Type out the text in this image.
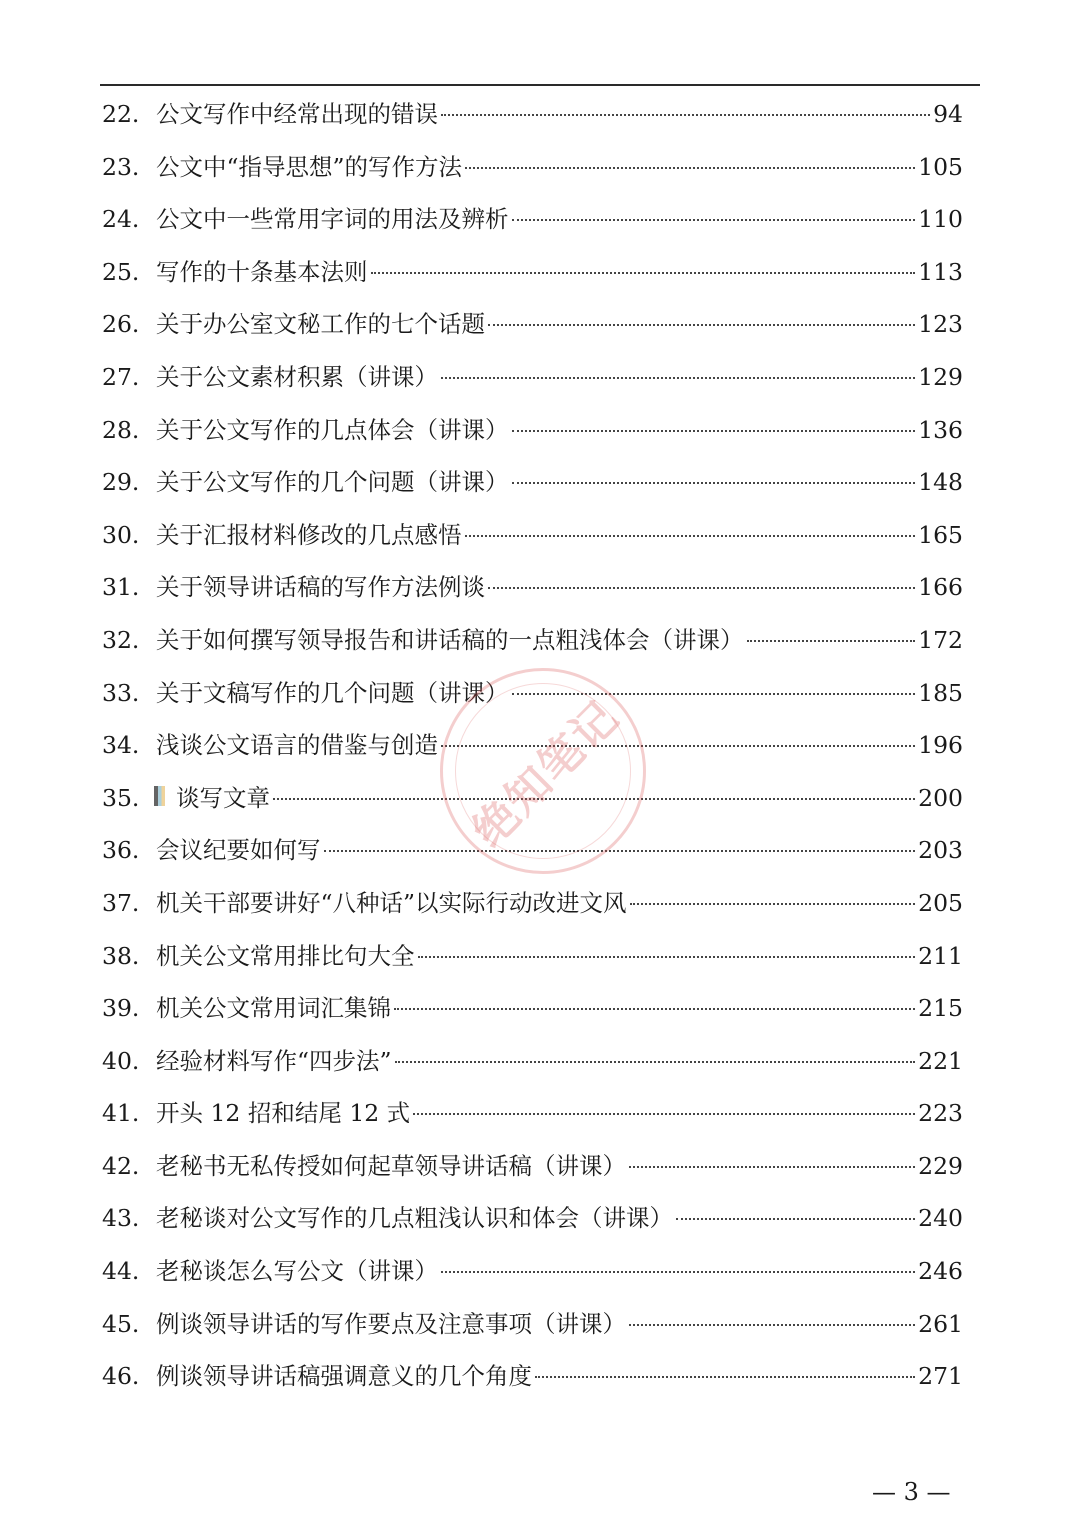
22. 公文写作中经常出现的错误	94
23. 公文中“指导思想”的写作方法	105
24. 公文中一些常用字词的用法及辨析	110
25. 写作的十条基本法则	113
26. 关于办公室文秘工作的七个话题	123
27. 关于公文素材积累（讲课）	129
28. 关于公文写作的几点体会（讲课）	136
29. 关于公文写作的几个问题（讲课）	148
30. 关于汇报材料修改的几点感悟	165
31. 关于领导讲话稿的写作方法例谈	166
32. 关于如何撰写领导报告和讲话稿的一点粗浅体会（讲课）	172
33. 关于文稿写作的几个问题（讲课）	185
34. 浅谈公文语言的借鉴与创造	196
35.	谈写文章	200
36. 会议纪要如何写	203
37. 机关干部要讲好“八种话”以实际行动改进文风	205
38. 机关公文常用排比句大全	211
39. 机关公文常用词汇集锦	215
40. 经验材料写作“四步法”	221
41. 开头 12 招和结尾 12 式	223
42. 老秘书无私传授如何起草领导讲话稿（讲课）	229
43. 老秘谈对公文写作的几点粗浅认识和体会（讲课）	240
44. 老秘谈怎么写公文（讲课）	246
45. 例谈领导讲话的写作要点及注意事项（讲课）	261
46. 例谈领导讲话稿强调意义的几个角度	271
绝知笔记
— 3 —
